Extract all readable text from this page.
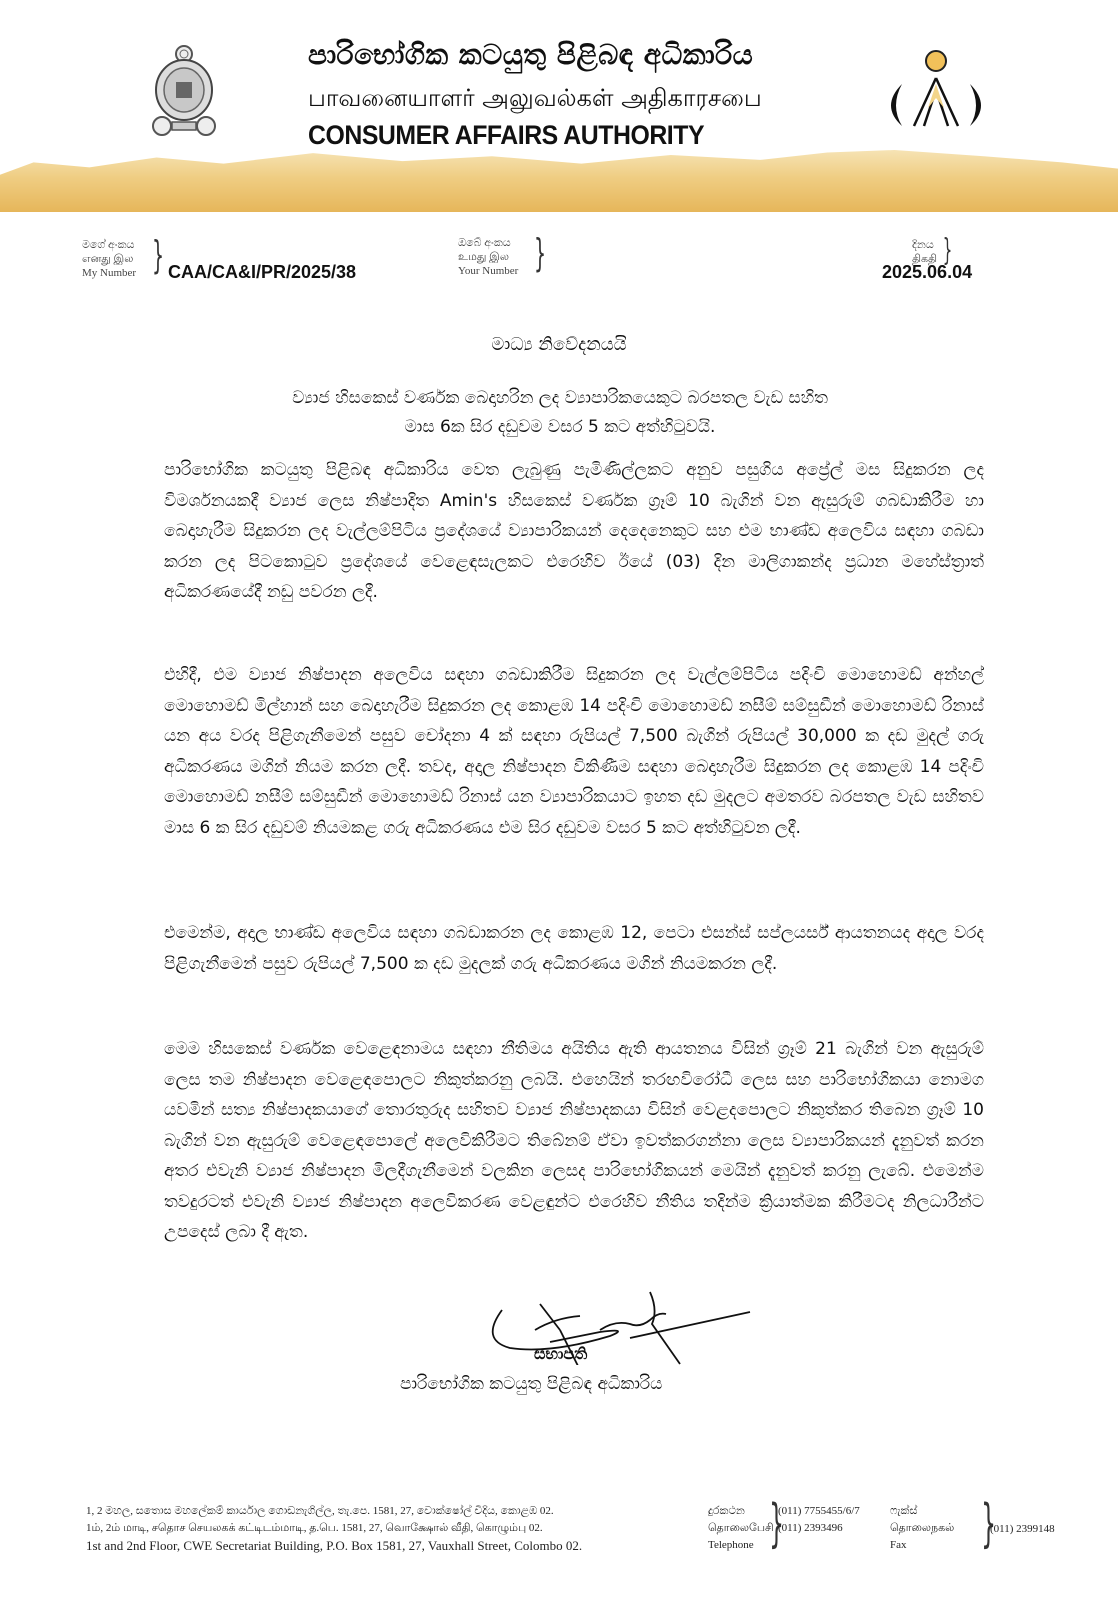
පාරිභෝගික කටයුතු පිළිබඳ අධිකාරිය
பாவனையாளர் அலுவல்கள் அதிகாரசபை
CONSUMER AFFAIRS AUTHORITY
මගේ අංකය
எனது இல
My Number } CAA/CA&I/PR/2025/38
ඔබේ අංකය
உமது இல
Your Number }	දිනය
திகதி }
2025.06.04
මාධ්‍ය නිවේදනයයි
ව්‍යාජ හිසකෙස් වර්ණක බෙදාහරින ලද ව්‍යාපාරිකයෙකුට බරපතල වැඩ සහිත
මාස 6ක සිර දඩුවම වසර 5 කට අත්හිටුවයි.
පාරිභෝගික කටයුතු පිළිබඳ අධිකාරිය වෙත ලැබුණු පැමිණිල්ලකට අනුව පසුගිය අප්‍රේල් මස සිදුකරන ලද විමර්ශනයකදී ව්‍යාජ ලෙස නිෂ්පාදිත Amin's හිසකෙස් වර්ණක ග්‍රෑම් 10 බැගින් වන ඇසුරුම් ගබඩාකිරීම හා බෙදාහැරීම සිදුකරන ලද වැල්ලම්පිටිය ප්‍රදේශයේ ව්‍යාපාරිකයන් දෙදෙනෙකුට සහ එම භාණ්ඩ අලෙවිය සඳහා ගබඩා කරන ලද පිටකොටුව ප්‍රදේශයේ වෙළෙඳසැලකට එරෙහිව ඊයේ (03) දින මාලිගාකන්ද ප්‍රධාන මහේස්ත්‍රාත් අධිකරණයේදී නඩු පවරන ලදී.
එහිදී, එම ව්‍යාජ නිෂ්පාදන අලෙවිය සඳහා ගබඩාකිරීම සිදුකරන ලද වැල්ලම්පිටිය පදිංචි මොහොමඩ් අන්හල් මොහොමඩ් මිල්හාන් සහ බෙදාහැරීම සිදුකරන ලද කොළඹ 14 පදිංචි මොහොමඩ් නසීම් සම්සුඩීන් මොහොමඩ් රිනාස් යන අය වරද පිළිගැනීමෙන් පසුව චෝදනා 4 ක් සඳහා රුපියල් 7,500 බැගින් රුපියල් 30,000 ක දඩ මුදල් ගරු අධිකරණය මගින් නියම කරන ලදී. තවද, අදාල නිෂ්පාදන විකිණීම සඳහා බෙදාහැරීම සිදුකරන ලද කොළඹ 14 පදිංචි මොහොමඩ් නසීම් සම්සුඩීන් මොහොමඩ් රිනාස් යන ව්‍යාපාරිකයාට ඉහත දඩ මුදලට අමතරව බරපතල වැඩ සහිතව මාස 6 ක සිර දඩුවම් නියමකළ ගරු අධිකරණය එම සිර දඩුවම වසර 5 කට අත්හිටුවන ලදී.
එමෙන්ම, අදාල භාණ්ඩ අලෙවිය සඳහා ගබඩාකරන ලද කොළඹ 12, පෙටා එසන්ස් සප්ලයර්ස් ආයතනයද අදාල වරද පිළිගැනීමෙන් පසුව රුපියල් 7,500 ක දඩ මුදලක් ගරු අධිකරණය මගින් නියමකරන ලදී.
මෙම හිසකෙස් වර්ණක වෙළෙඳනාමය සඳහා නීතිමය අයිතිය ඇති ආයතනය විසින් ග්‍රෑම් 21 බැගින් වන ඇසුරුම් ලෙස තම නිෂ්පාදන වෙළෙඳපොලට නිකුත්කරනු ලබයි. එහෙයින් තරඟවිරෝධී ලෙස සහ පාරිභෝගිකයා නොමග යවමින් සත්‍ය නිෂ්පාදකයාගේ තොරතුරුද සහිතව ව්‍යාජ නිෂ්පාදකයා විසින් වෙළදපොලට නිකුත්කර තිබෙන ග්‍රෑම් 10 බැගින් වන ඇසුරුම් වෙළෙඳපොලේ අලෙවිකිරීමට තිබේනම් ඒවා ඉවත්කරගන්නා ලෙස ව්‍යාපාරිකයන් දැනුවත් කරන අතර එවැනි ව්‍යාජ නිෂ්පාදන මිලදීගැනීමෙන් වලකින ලෙසද පාරිභෝගිකයන් මෙයින් දැනුවත් කරනු ලැබේ. එමෙන්ම තවදුරටත් එවැනි ව්‍යාජ නිෂ්පාදන අලෙවිකරණ වෙළඳුන්ට එරෙහිව නීතිය තදින්ම ක්‍රියාත්මක කිරීමටද නිලධාරීන්ට උපදෙස් ලබා දී ඇත.
සභාපති
පාරිභෝගික කටයුතු පිළිබඳ අධිකාරිය
1, 2 මහල, සතොස මහලේකම් කාර්යාල ගොඩනැගිල්ල, තැ.පෙ. 1581, 27, වොක්ෂෝල් වීදිය, කොළඹ 02.
1ம், 2ம் மாடி, சதொச செயலகக் கட்டிடம்மாடி, த.பெ. 1581, 27, வொக்ஷோல் வீதி, கொழும்பு 02.
1st and 2nd Floor, CWE Secretariat Building, P.O. Box 1581, 27, Vauxhall Street, Colombo 02.
දුරකථන
தொலைபேசி
Telephone }
(011) 7755455/6/7
(011) 2393496
ෆැක්ස්
தொலைநகல்
Fax	}
(011) 2399148
